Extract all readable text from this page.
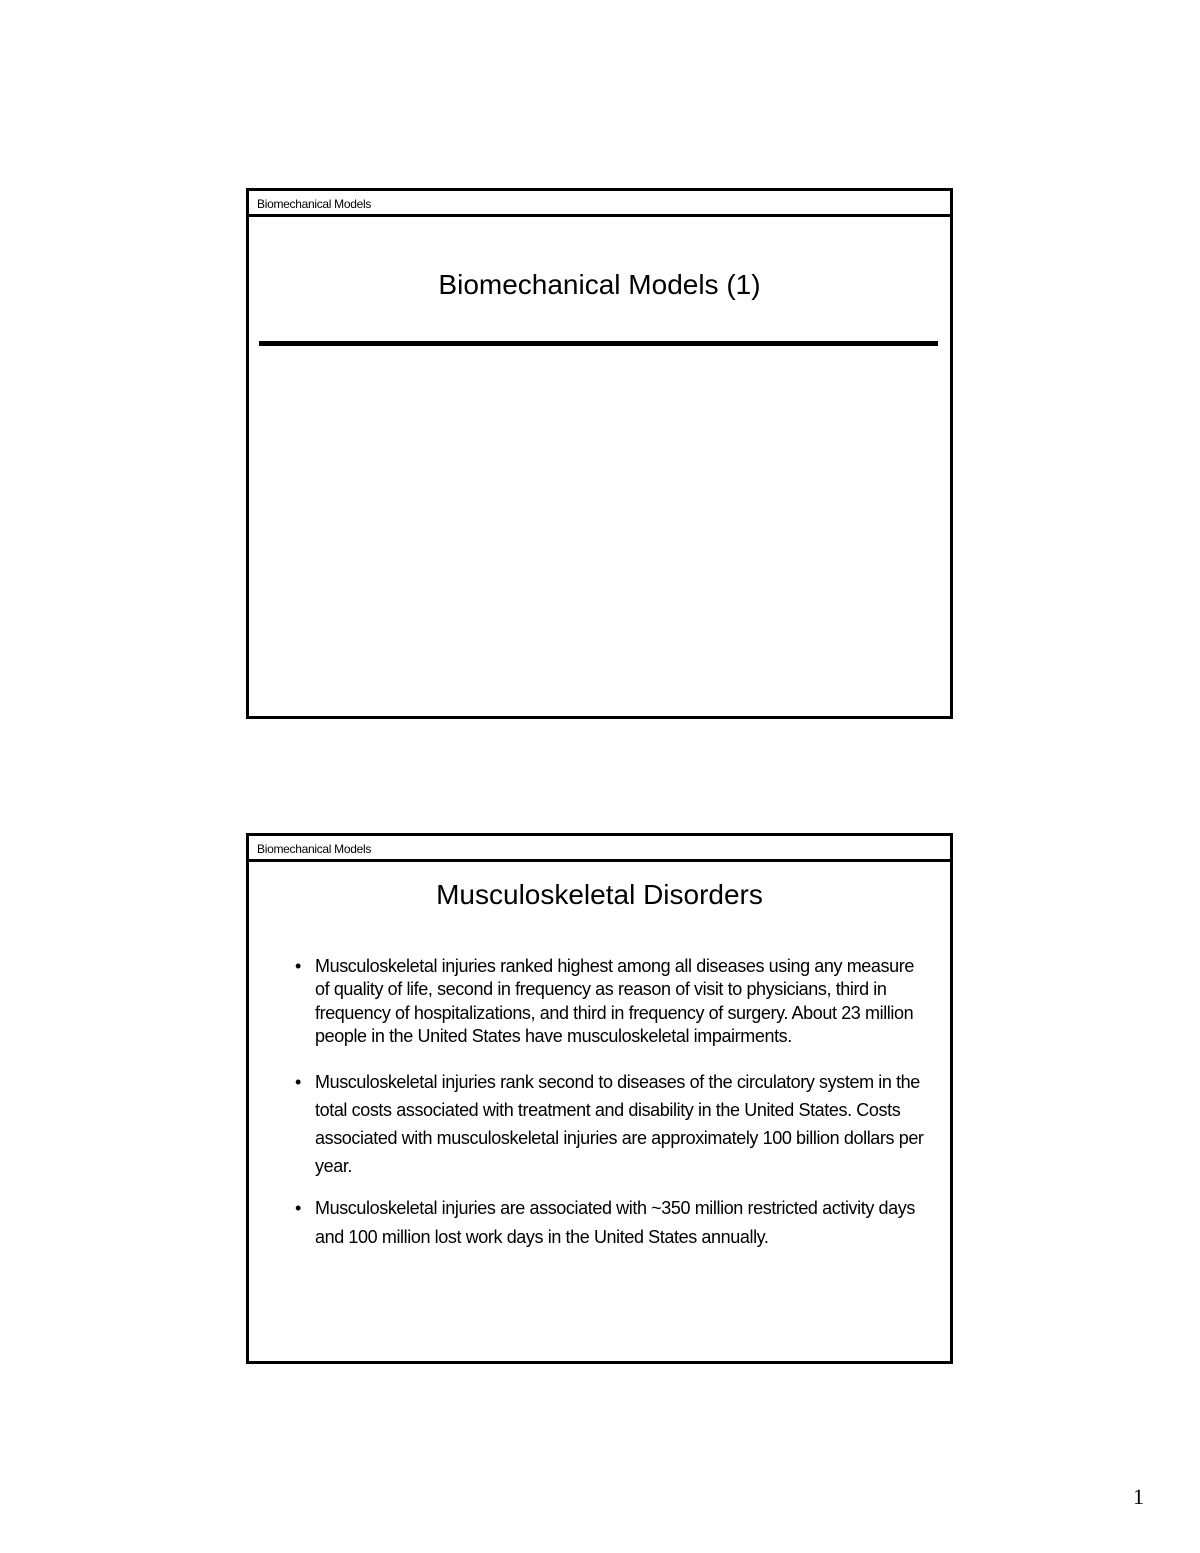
Biomechanical Models
Biomechanical Models (1)
Biomechanical Models
Musculoskeletal Disorders
• Musculoskeletal injuries ranked highest among all diseases using any measure of quality of life, second in frequency as reason of visit to physicians, third in frequency of hospitalizations, and third in frequency of surgery. About 23 million people in the United States have musculoskeletal impairments.
• Musculoskeletal injuries rank second to diseases of the circulatory system in the total costs associated with treatment and disability in the United States. Costs associated with musculoskeletal injuries are approximately 100 billion dollars per year.
• Musculoskeletal injuries are associated with ~350 million restricted activity days and 100 million lost work days in the United States annually.
1
